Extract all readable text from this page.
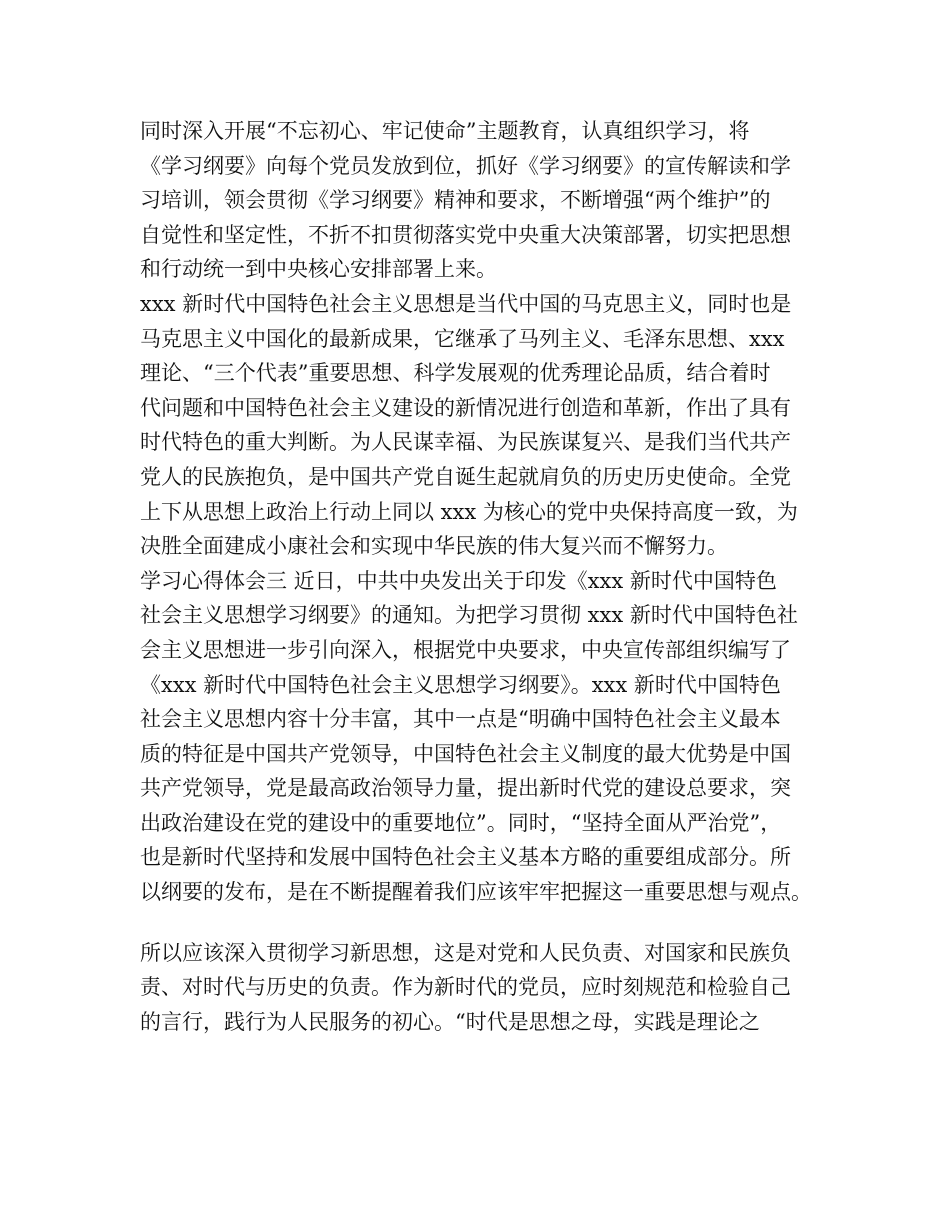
同时深入开展“不忘初心、牢记使命”主题教育，认真组织学习，将
《学习纲要》向每个党员发放到位，抓好《学习纲要》的宣传解读和学
习培训，领会贯彻《学习纲要》精神和要求，不断增强“两个维护”的
自觉性和坚定性，不折不扣贯彻落实党中央重大决策部署，切实把思想
和行动统一到中央核心安排部署上来。
xxx 新时代中国特色社会主义思想是当代中国的马克思主义，同时也是
马克思主义中国化的最新成果，它继承了马列主义、毛泽东思想、xxx
理论、“三个代表”重要思想、科学发展观的优秀理论品质，结合着时
代问题和中国特色社会主义建设的新情况进行创造和革新，作出了具有
时代特色的重大判断。为人民谋幸福、为民族谋复兴、是我们当代共产
党人的民族抱负，是中国共产党自诞生起就肩负的历史历史使命。全党
上下从思想上政治上行动上同以 xxx 为核心的党中央保持高度一致，为
决胜全面建成小康社会和实现中华民族的伟大复兴而不懈努力。
学习心得体会三 近日，中共中央发出关于印发《xxx 新时代中国特色
社会主义思想学习纲要》的通知。为把学习贯彻 xxx 新时代中国特色社
会主义思想进一步引向深入，根据党中央要求，中央宣传部组织编写了
《xxx 新时代中国特色社会主义思想学习纲要》。xxx 新时代中国特色
社会主义思想内容十分丰富，其中一点是“明确中国特色社会主义最本
质的特征是中国共产党领导，中国特色社会主义制度的最大优势是中国
共产党领导，党是最高政治领导力量，提出新时代党的建设总要求，突
出政治建设在党的建设中的重要地位”。同时，“坚持全面从严治党”，
也是新时代坚持和发展中国特色社会主义基本方略的重要组成部分。所
以纲要的发布，是在不断提醒着我们应该牢牢把握这一重要思想与观点。
所以应该深入贯彻学习新思想，这是对党和人民负责、对国家和民族负
责、对时代与历史的负责。作为新时代的党员，应时刻规范和检验自己
的言行，践行为人民服务的初心。“时代是思想之母，实践是理论之
